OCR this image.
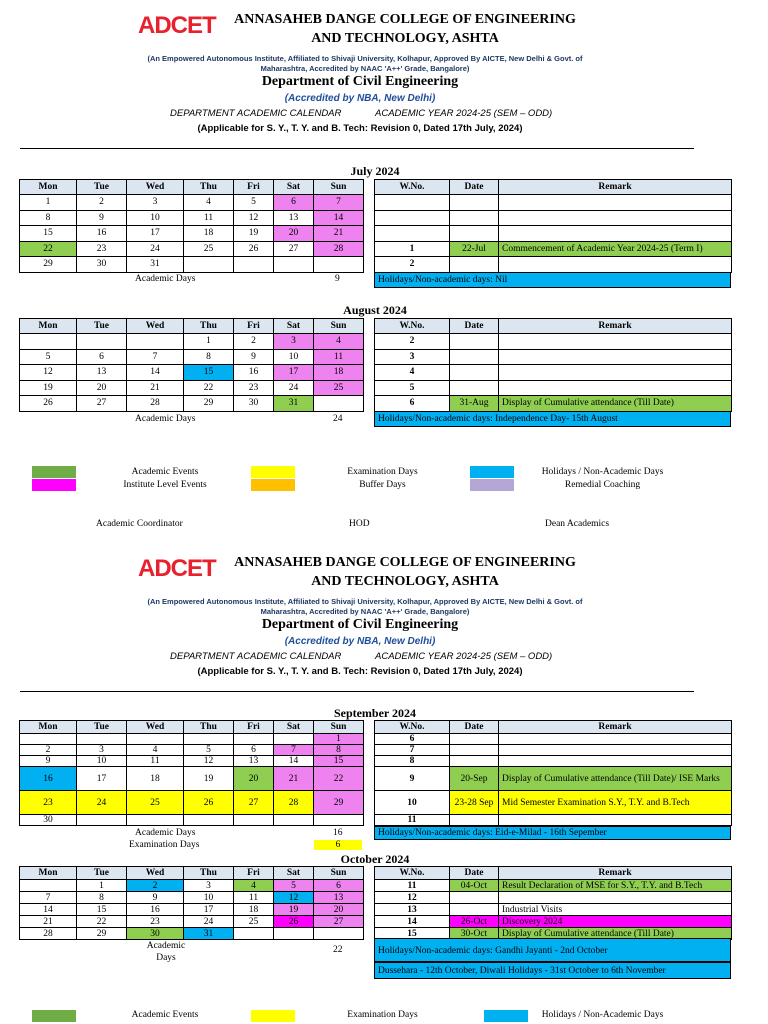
ADCET	ANNASAHEB DANGE COLLEGE OF ENGINEERING
AND TECHNOLOGY, ASHTA
(An Empowered Autonomous Institute, Affiliated to Shivaji University, Kolhapur, Approved By AICTE, New Delhi & Govt. of
Maharashtra, Accredited by NAAC 'A++' Grade, Bangalore)
Department of Civil Engineering
(Accredited by NBA, New Delhi)
DEPARTMENT ACADEMIC CALENDAR	ACADEMIC YEAR 2024-25 (SEM – ODD)
(Applicable for S. Y., T. Y. and B. Tech: Revision 0, Dated 17th July, 2024)
July 2024
Mon	Tue	Wed	Thu	Fri	Sat	Sun
1	2	3	4	5	6	7
8	9	10	11	12	13	14
15	16	17	18	19	20	21
22	23	24	25	26	27	28
29	30	31				
Academic Days	9
W.No.	Date	Remark

1	22-Jul	Commencement of Academic Year 2024-25 (Term I)
2		
Holidays/Non-academic days: Nil
August 2024
Mon	Tue	Wed	Thu	Fri	Sat	Sun
			1	2	3	4
5	6	7	8	9	10	11
12	13	14	15	16	17	18
19	20	21	22	23	24	25
26	27	28	29	30	31	
Academic Days	24
W.No.	Date	Remark
2		
3		
4		
5		
6	31-Aug	Display of Cumulative attendance (Till Date)
Holidays/Non-academic days: Independence Day- 15th August
Academic Events
Institute Level Events
Examination Days
Buffer Days
Holidays / Non-Academic Days
Remedial Coaching
Academic Coordinator	HOD	Dean Academics
ADCET	ANNASAHEB DANGE COLLEGE OF ENGINEERING
AND TECHNOLOGY, ASHTA
(An Empowered Autonomous Institute, Affiliated to Shivaji University, Kolhapur, Approved By AICTE, New Delhi & Govt. of
Maharashtra, Accredited by NAAC 'A++' Grade, Bangalore)
Department of Civil Engineering
(Accredited by NBA, New Delhi)
DEPARTMENT ACADEMIC CALENDAR	ACADEMIC YEAR 2024-25 (SEM – ODD)
(Applicable for S. Y., T. Y. and B. Tech: Revision 0, Dated 17th July, 2024)
September 2024
Mon	Tue	Wed	Thu	Fri	Sat	Sun
						1
2	3	4	5	6	7	8
9	10	11	12	13	14	15
16	17	18	19	20	21	22
23	24	25	26	27	28	29
30						
Academic Days	16
Examination Days	6
W.No.	Date	Remark
6		
7		
8		
9	20-Sep	Display of Cumulative attendance (Till Date)/ ISE Marks
10	23-28 Sep	Mid Semester Examination S.Y., T.Y. and B.Tech
11		
Holidays/Non-academic days: Eid-e-Milad - 16th Sepember
October 2024
Mon	Tue	Wed	Thu	Fri	Sat	Sun
	1	2	3	4	5	6
7	8	9	10	11	12	13
14	15	16	17	18	19	20
21	22	23	24	25	26	27
28	29	30	31			
Academic Days
22
W.No.	Date	Remark
11	04-Oct	Result Declaration of MSE for S.Y., T.Y. and B.Tech
12		
13		Industrial Visits
14	26-Oct	Discovery 2024
15	30-Oct	Display of Cumulative attendance (Till Date)
Holidays/Non-academic days: Gandhi Jayanti - 2nd October
Dussehara - 12th October, Diwali Holidays - 31st October to 6th November
Academic Events	Examination Days	Holidays / Non-Academic Days
